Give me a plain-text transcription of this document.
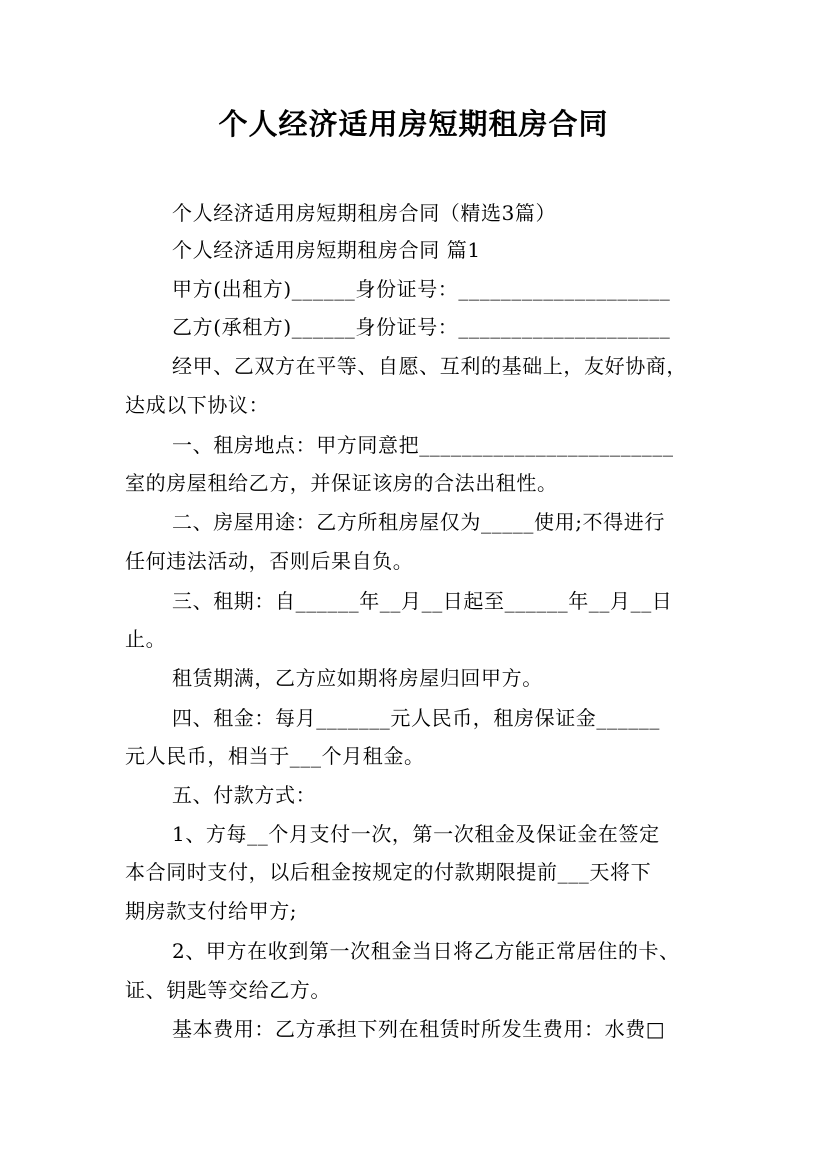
个人经济适用房短期租房合同
个人经济适用房短期租房合同（精选3篇）
个人经济适用房短期租房合同 篇1
甲方(出租方)______身份证号：____________________
乙方(承租方)______身份证号：____________________
经甲、乙双方在平等、自愿、互利的基础上，友好协商，
达成以下协议：
一、租房地点：甲方同意把________________________
室的房屋租给乙方，并保证该房的合法出租性。
二、房屋用途：乙方所租房屋仅为_____使用;不得进行
任何违法活动，否则后果自负。
三、租期：自______年__月__日起至______年__月__日
止。
租赁期满，乙方应如期将房屋归回甲方。
四、租金：每月_______元人民币，租房保证金______
元人民币，相当于___个月租金。
五、付款方式：
1、方每__个月支付一次，第一次租金及保证金在签定
本合同时支付，以后租金按规定的付款期限提前___天将下
期房款支付给甲方;
2、甲方在收到第一次租金当日将乙方能正常居住的卡、
证、钥匙等交给乙方。
基本费用：乙方承担下列在租赁时所发生费用：水费□
